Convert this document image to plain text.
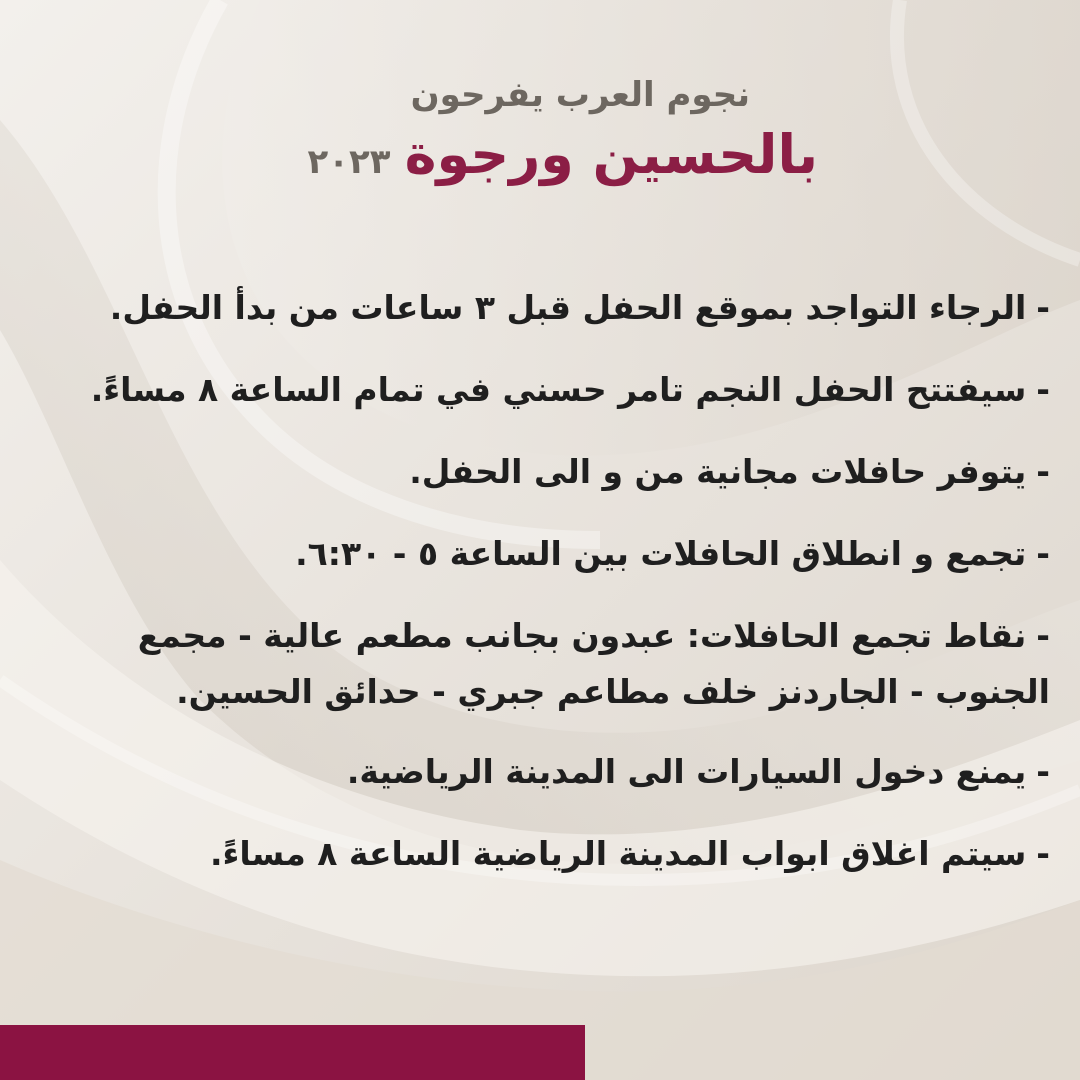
نجوم العرب يفرحون
بالحسين ورجوة
٢٠٢٣
-الرجاء التواجد بموقع الحفل قبل ٣ ساعات من بدأ الحفل.
-سيفتتح الحفل النجم تامر حسني في تمام الساعة ٨ مساءً.
-يتوفر حافلات مجانية من و الى الحفل.
-تجمع و انطلاق الحافلات بين الساعة ٥ - ٦:٣٠.
-نقاط تجمع الحافلات: عبدون بجانب مطعم عالية - مجمع الجنوب - الجاردنز خلف مطاعم جبري - حدائق الحسين.
-يمنع دخول السيارات الى المدينة الرياضية.
-سيتم اغلاق ابواب المدينة الرياضية الساعة ٨ مساءً.
